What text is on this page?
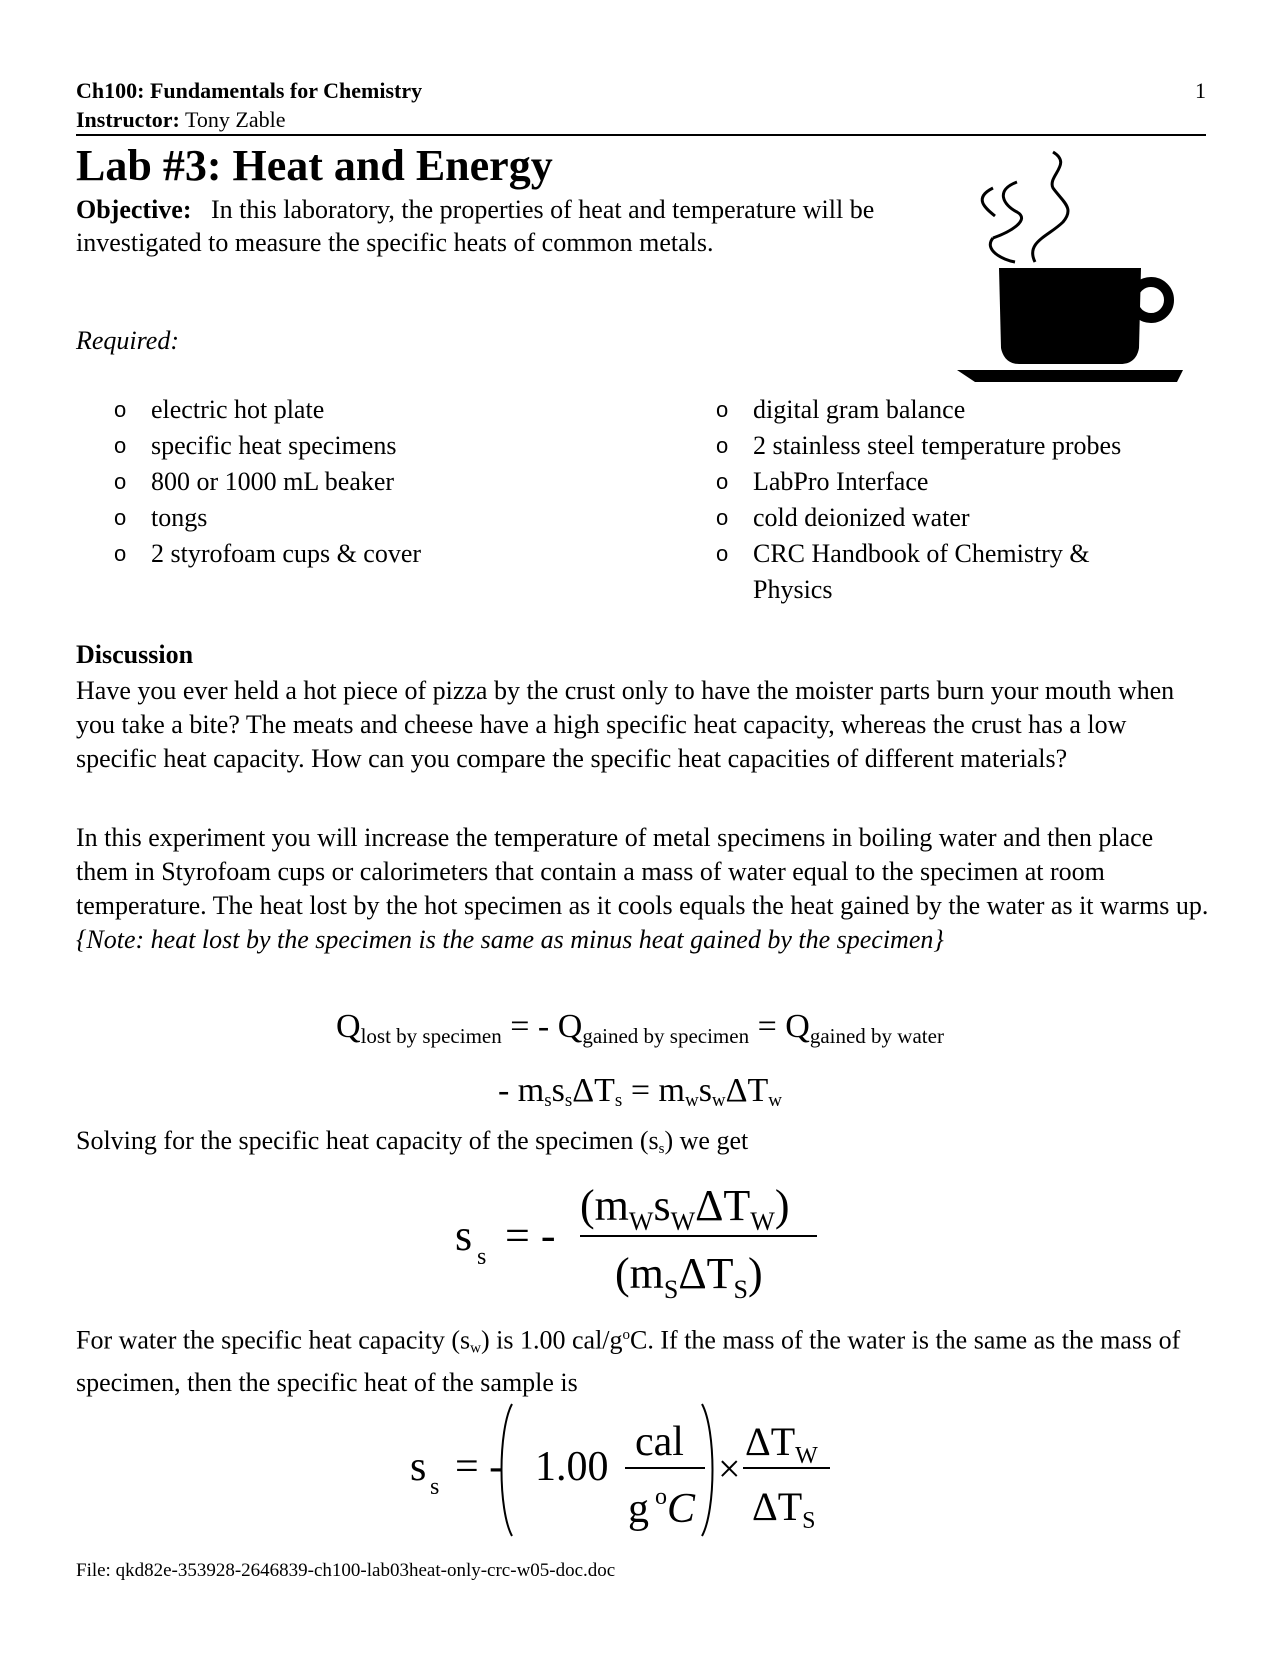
Ch100: Fundamentals for Chemistry
Instructor: Tony Zable
1
Lab #3: Heat and Energy
Objective: In this laboratory, the properties of heat and temperature will be investigated to measure the specific heats of common metals.
Required:
o electric hot plate
o specific heat specimens
o 800 or 1000 mL beaker
o tongs
o 2 styrofoam cups & cover
o digital gram balance
o 2 stainless steel temperature probes
o LabPro Interface
o cold deionized water
o CRC Handbook of Chemistry & Physics
Discussion

Have you ever held a hot piece of pizza by the crust only to have the moister parts burn your mouth when you take a bite? The meats and cheese have a high specific heat capacity, whereas the crust has a low specific heat capacity. How can you compare the specific heat capacities of different materials?

In this experiment you will increase the temperature of metal specimens in boiling water and then place them in Styrofoam cups or calorimeters that contain a mass of water equal to the specimen at room temperature. The heat lost by the hot specimen as it cools equals the heat gained by the water as it warms up. {Note: heat lost by the specimen is the same as minus heat gained by the specimen}

$Q_{lost by specimen}$ = - $Q_{gained by specimen} = Q_{gained by water}$
- $m_ss_s\Delta T_s = m_ws_w\Delta T_w$
Solving for the specific heat capacity of the specimen $(s_s)$ we get
s s = -
$(m_Ws_W\Delta T_W)$
$(m_S\Delta T_S)$
For water the specific heat capacity $(s_w)$ is 1.00 cal/$g^oC$. If the mass of the water is the same as the mass of specimen, then the specific heat of the sample is
s s = - 1.00
cal
g $^o$C
×
$\Delta T_W$
$\Delta T_S$
File: qkd82e-353928-2646839-ch100-lab03heat-only-crc-w05-doc.doc
